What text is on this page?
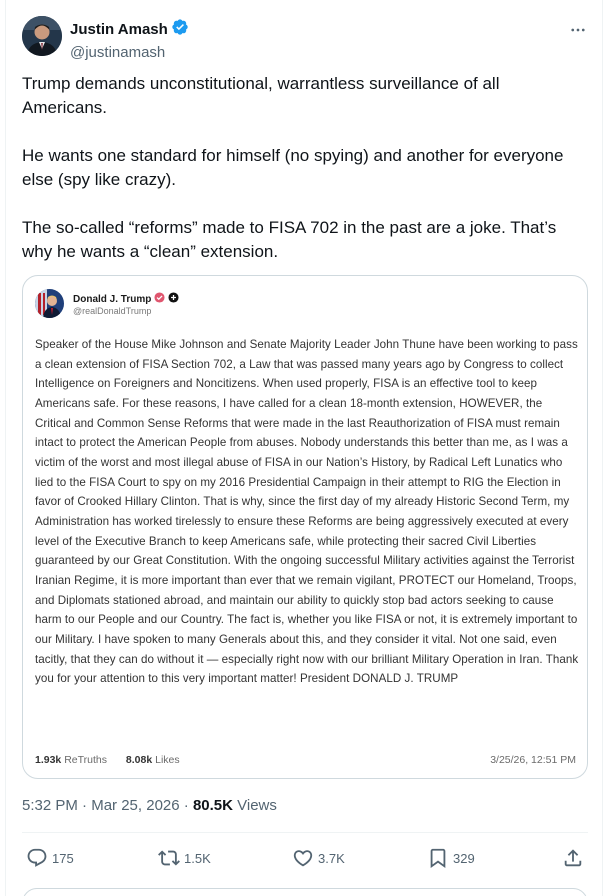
Justin Amash
@justinamash

Trump demands unconstitutional, warrantless surveillance of all Americans.

He wants one standard for himself (no spying) and another for everyone else (spy like crazy).

The so-called “reforms” made to FISA 702 in the past are a joke. That’s why he wants a “clean” extension.

Donald J. Trump
@realDonaldTrump
Speaker of the House Mike Johnson and Senate Majority Leader John Thune have been working to pass a clean extension of FISA Section 702, a Law that was passed many years ago by Congress to collect Intelligence on Foreigners and Noncitizens. When used properly, FISA is an effective tool to keep Americans safe. For these reasons, I have called for a clean 18-month extension, HOWEVER, the Critical and Common Sense Reforms that were made in the last Reauthorization of FISA must remain intact to protect the American People from abuses. Nobody understands this better than me, as I was a victim of the worst and most illegal abuse of FISA in our Nation’s History, by Radical Left Lunatics who lied to the FISA Court to spy on my 2016 Presidential Campaign in their attempt to RIG the Election in favor of Crooked Hillary Clinton. That is why, since the first day of my already Historic Second Term, my Administration has worked tirelessly to ensure these Reforms are being aggressively executed at every level of the Executive Branch to keep Americans safe, while protecting their sacred Civil Liberties guaranteed by our Great Constitution. With the ongoing successful Military activities against the Terrorist Iranian Regime, it is more important than ever that we remain vigilant, PROTECT our Homeland, Troops, and Diplomats stationed abroad, and maintain our ability to quickly stop bad actors seeking to cause harm to our People and our Country. The fact is, whether you like FISA or not, it is extremely important to our Military. I have spoken to many Generals about this, and they consider it vital. Not one said, even tacitly, that they can do without it — especially right now with our brilliant Military Operation in Iran. Thank you for your attention to this very important matter! President DONALD J. TRUMP
1.93k ReTruths 8.08k Likes	3/25/26, 12:51 PM
5:32 PM · Mar 25, 2026 · 80.5K Views
175	1.5K	3.7K	329
